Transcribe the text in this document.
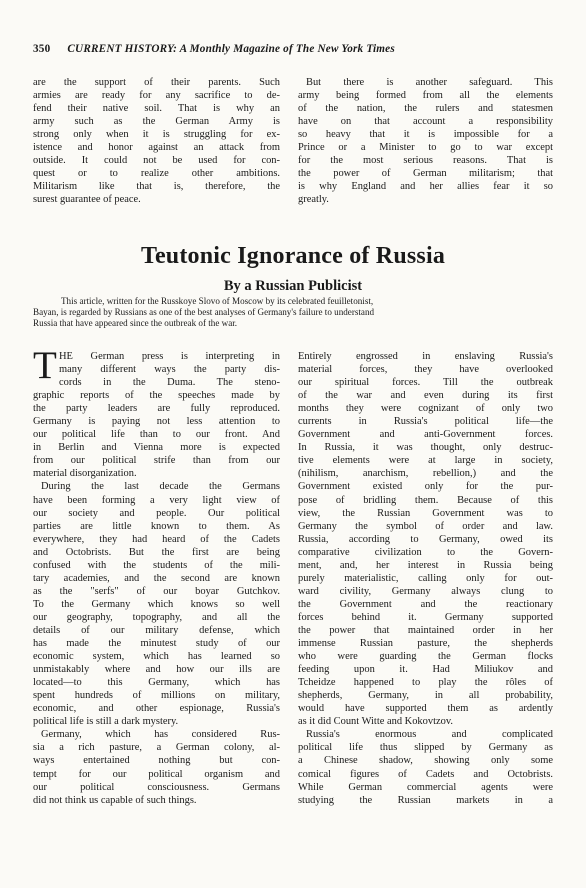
350 CURRENT HISTORY: A Monthly Magazine of The New York Times

are the support of their parents. Such

armies are ready for any sacrifice to de-

fend their native soil. That is why an

army such as the German Army is

strong only when it is struggling for ex-

istence and honor against an attack from

outside. It could not be used for con-

quest or to realize other ambitions.

Militarism like that is, therefore, the

surest guarantee of peace.

But there is another safeguard. This

army being formed from all the elements

of the nation, the rulers and statesmen

have on that account a responsibility

so heavy that it is impossible for a

Prince or a Minister to go to war except

for the most serious reasons. That is

the power of German militarism; that

is why England and her allies fear it so

greatly.

Teutonic Ignorance of Russia
By a Russian Publicist

This article, written for the Russkoye Slovo of Moscow by its celebrated feuilletonist,

Bayan, is regarded by Russians as one of the best analyses of Germany's failure to understand

Russia that have appeared since the outbreak of the war.

T HE German press is interpreting in

many different ways the party dis-

cords in the Duma. The steno-

graphic reports of the speeches made by

the party leaders are fully reproduced.

Germany is paying not less attention to

our political life than to our front. And

in Berlin and Vienna more is expected

from our political strife than from our

material disorganization.

During the last decade the Germans

have been forming a very light view of

our society and people. Our political

parties are little known to them. As

everywhere, they had heard of the Cadets

and Octobrists. But the first are being

confused with the students of the mili-

tary academies, and the second are known

as the "serfs" of our boyar Gutchkov.

To the Germany which knows so well

our geography, topography, and all the

details of our military defense, which

has made the minutest study of our

economic system, which has learned so

unmistakably where and how our ills are

located—to this Germany, which has

spent hundreds of millions on military,

economic, and other espionage, Russia's

political life is still a dark mystery.

Germany, which has considered Rus-

sia a rich pasture, a German colony, al-

ways entertained nothing but con-

tempt for our political organism and

our political consciousness. Germans

did not think us capable of such things.

Entirely engrossed in enslaving Russia's

material forces, they have overlooked

our spiritual forces. Till the outbreak

of the war and even during its first

months they were cognizant of only two

currents in Russia's political life—the

Government and anti-Government forces.

In Russia, it was thought, only destruc-

tive elements were at large in society,

(nihilism, anarchism, rebellion,) and the

Government existed only for the pur-

pose of bridling them. Because of this

view, the Russian Government was to

Germany the symbol of order and law.

Russia, according to Germany, owed its

comparative civilization to the Govern-

ment, and, her interest in Russia being

purely materialistic, calling only for out-

ward civility, Germany always clung to

the Government and the reactionary

forces behind it. Germany supported

the power that maintained order in her

immense Russian pasture, the shepherds

who were guarding the German flocks

feeding upon it. Had Miliukov and

Tcheidze happened to play the rôles of

shepherds, Germany, in all probability,

would have supported them as ardently

as it did Count Witte and Kokovtzov.

Russia's enormous and complicated

political life thus slipped by Germany as

a Chinese shadow, showing only some

comical figures of Cadets and Octobrists.

While German commercial agents were

studying the Russian markets in a
